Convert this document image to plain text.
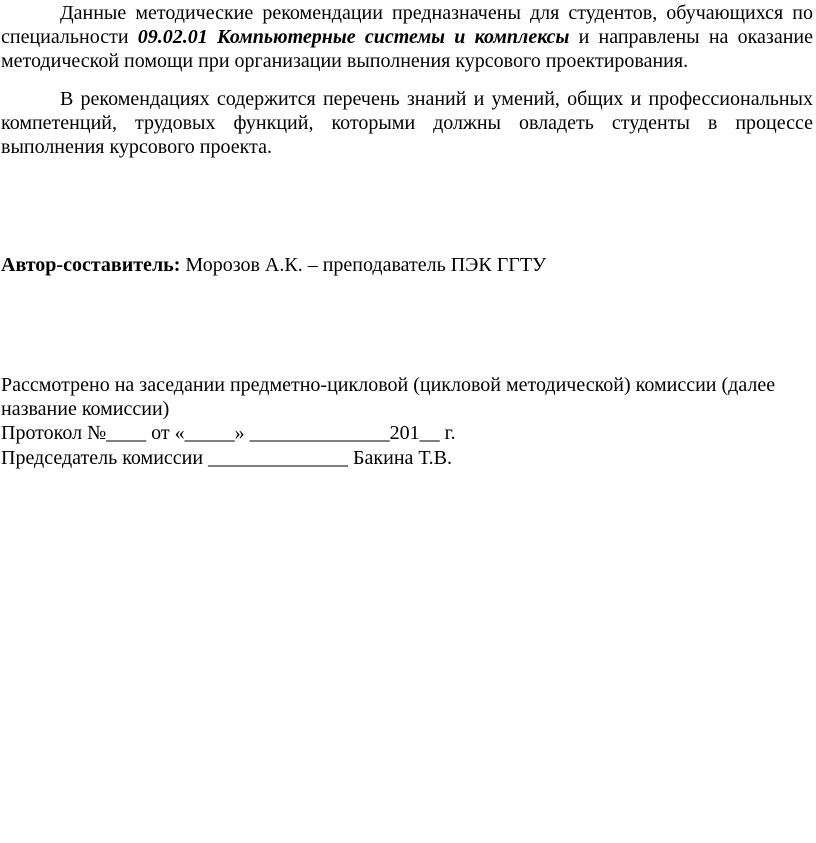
Данные методические рекомендации предназначены для студентов, обучающихся по специальности 09.02.01 Компьютерные системы и комплексы и направлены на оказание методической помощи при организации выполнения курсового проектирования.

В рекомендациях содержится перечень знаний и умений, общих и профессиональных компетенций, трудовых функций, которыми должны овладеть студенты в процессе выполнения курсового проекта.

Автор-составитель: Морозов А.К. – преподаватель ПЭК ГГТУ

Рассмотрено на заседании предметно-цикловой (цикловой методической) комиссии (далее название комиссии)

Протокол №____ от «_____» ______________201__ г.

Председатель комиссии ______________ Бакина Т.В.
